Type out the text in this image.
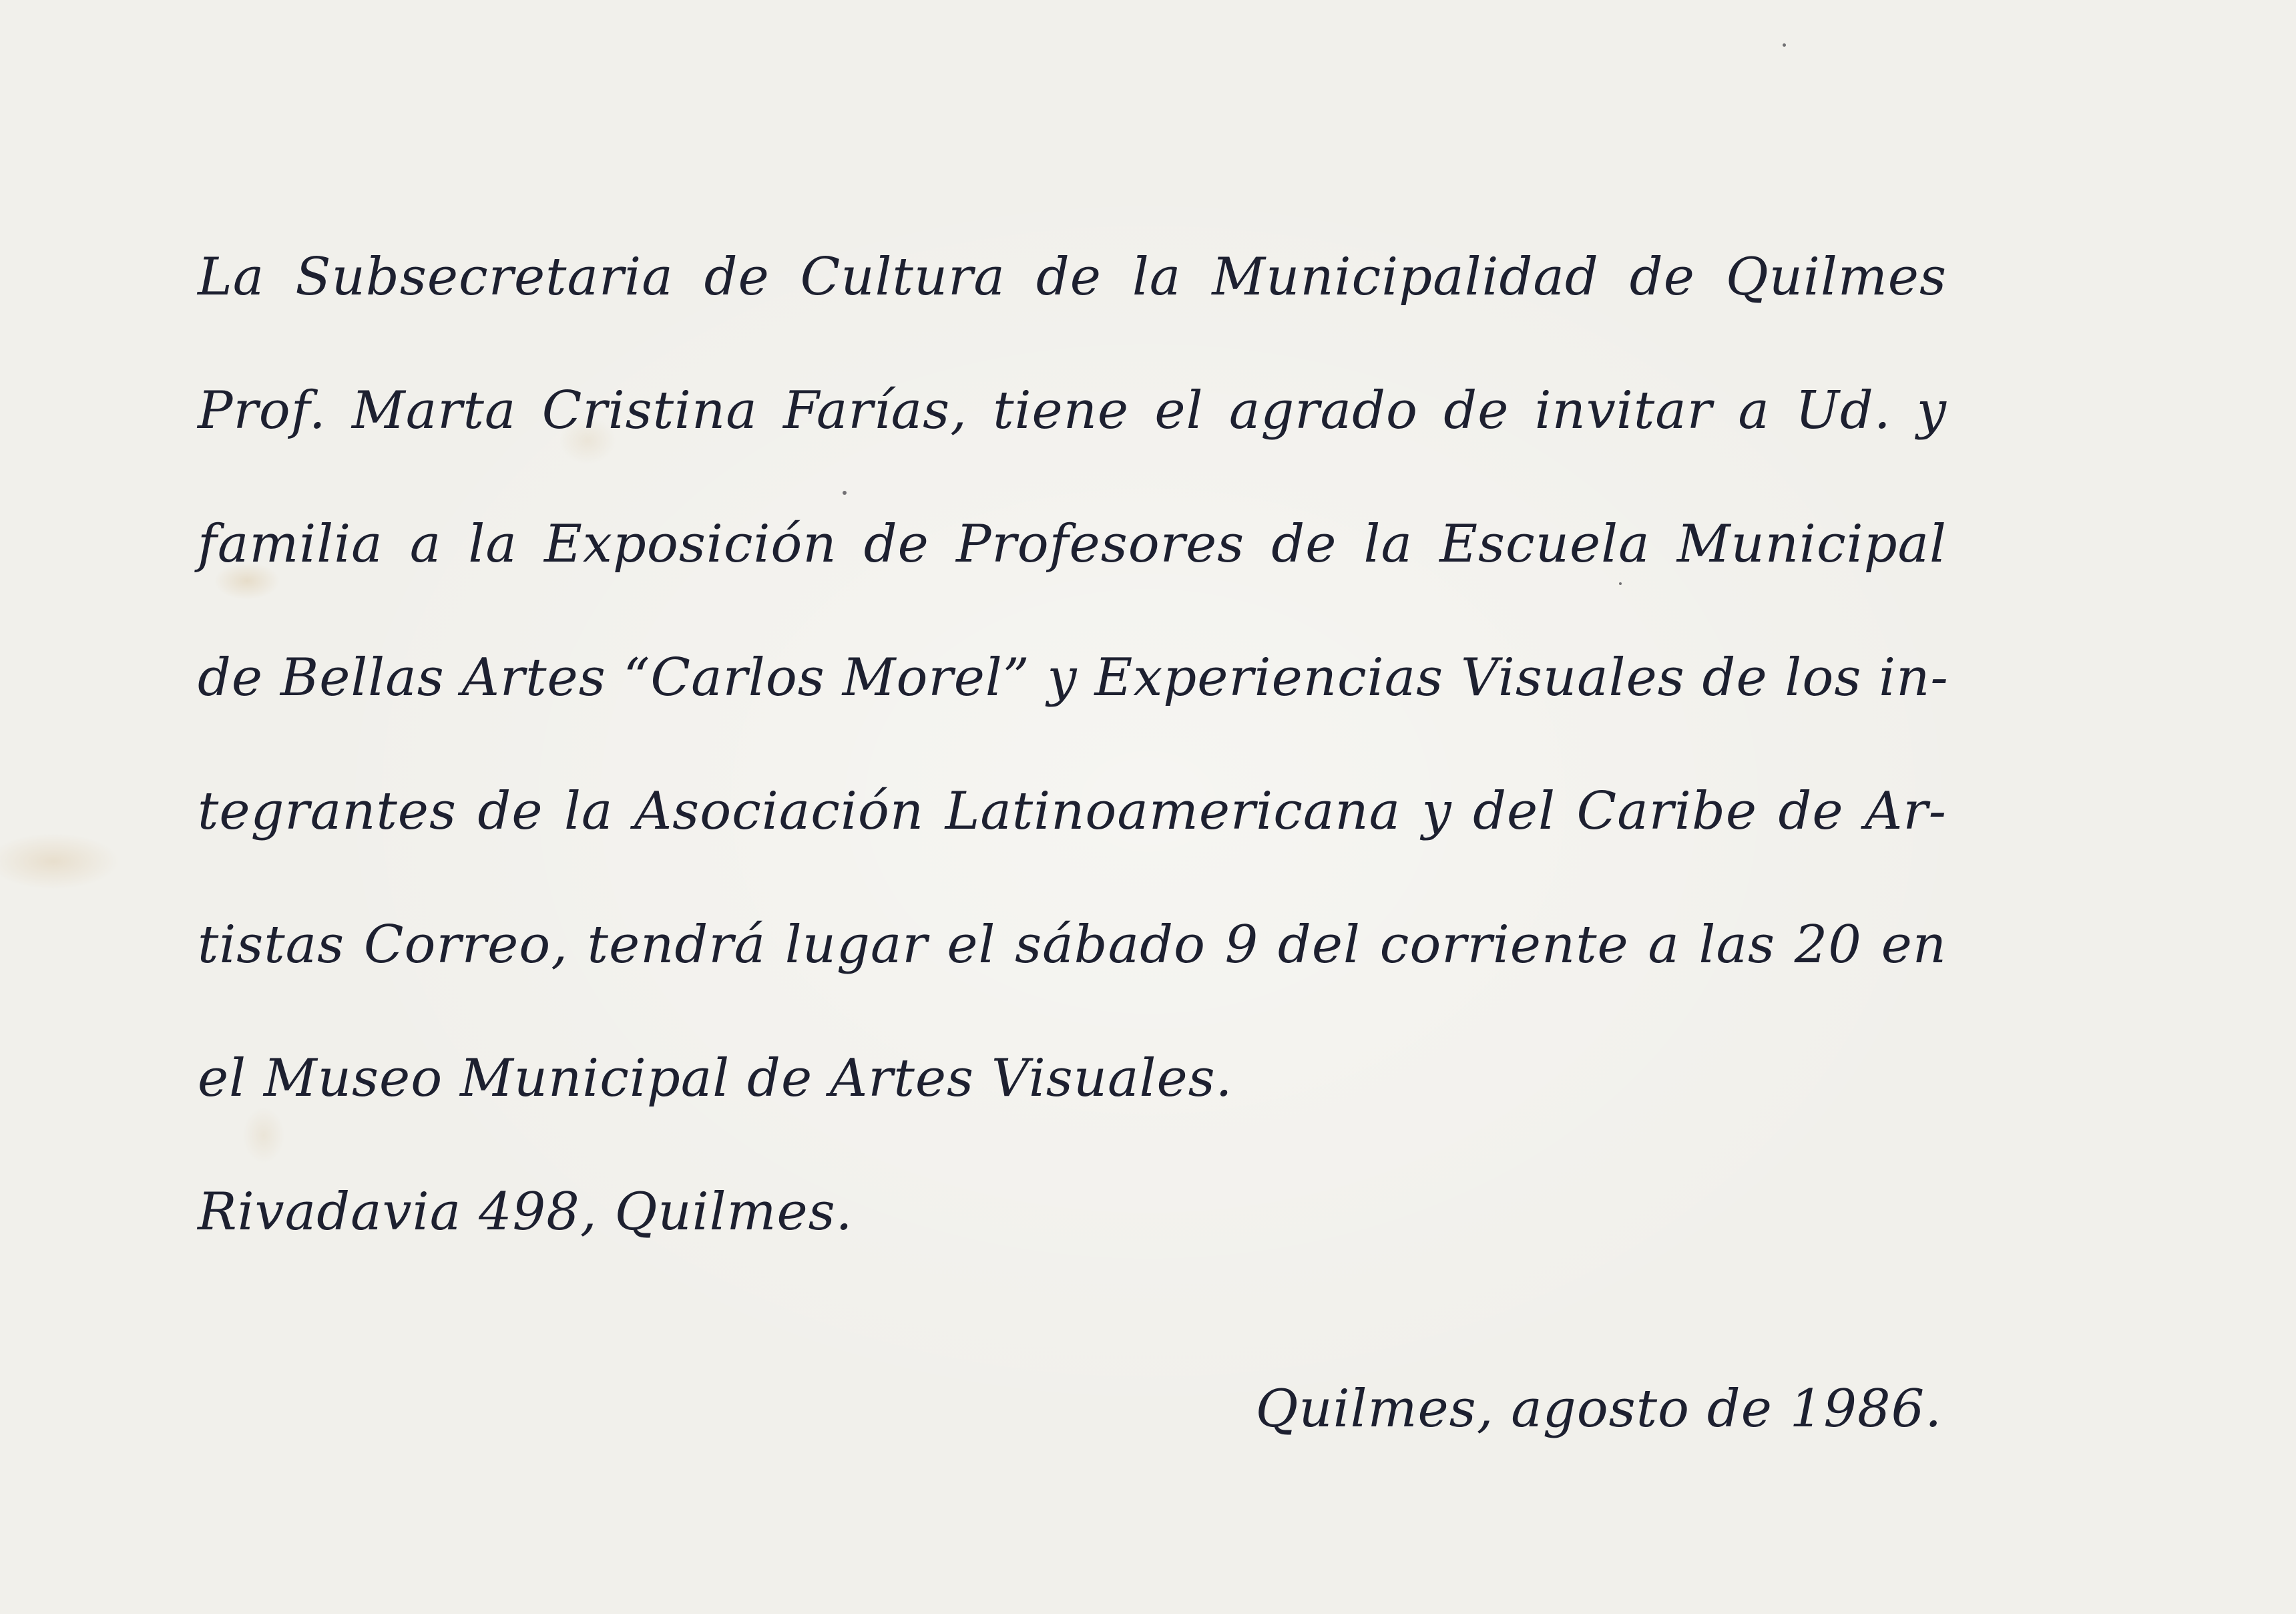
La Subsecretaria de Cultura de la Municipalidad de Quilmes
Prof. Marta Cristina Farías, tiene el agrado de invitar a Ud. y
familia a la Exposición de Profesores de la Escuela Municipal
de Bellas Artes “Carlos Morel” y Experiencias Visuales de los in-
tegrantes de la Asociación Latinoamericana y del Caribe de Ar-
tistas Correo, tendrá lugar el sábado 9 del corriente a las 20 en
el Museo Municipal de Artes Visuales.
Rivadavia 498, Quilmes.
Quilmes, agosto de 1986.
